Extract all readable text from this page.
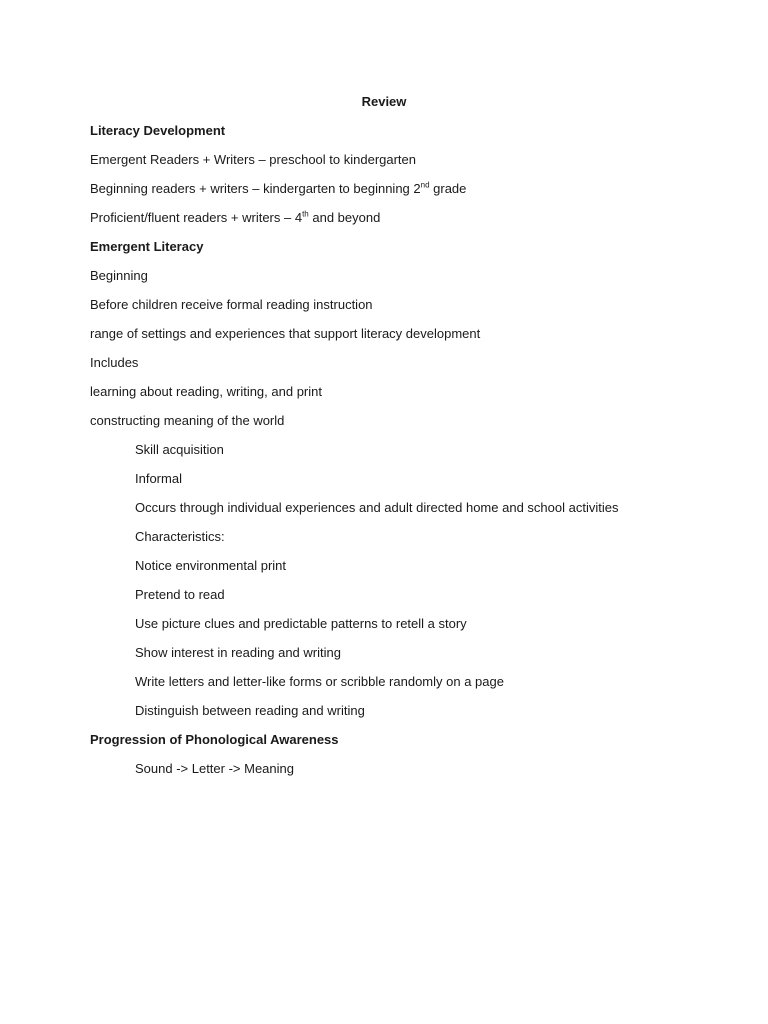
Review

Literacy Development

Emergent Readers + Writers – preschool to kindergarten

Beginning readers + writers – kindergarten to beginning 2nd grade

Proficient/fluent readers + writers – 4th and beyond

Emergent Literacy

Beginning

Before children receive formal reading instruction

range of settings and experiences that support literacy development

Includes

learning about reading, writing, and print

constructing meaning of the world

Skill acquisition

Informal

Occurs through individual experiences and adult directed home and school activities

Characteristics:

Notice environmental print

Pretend to read

Use picture clues and predictable patterns to retell a story

Show interest in reading and writing

Write letters and letter-like forms or scribble randomly on a page

Distinguish between reading and writing

Progression of Phonological Awareness

Sound -> Letter -> Meaning
